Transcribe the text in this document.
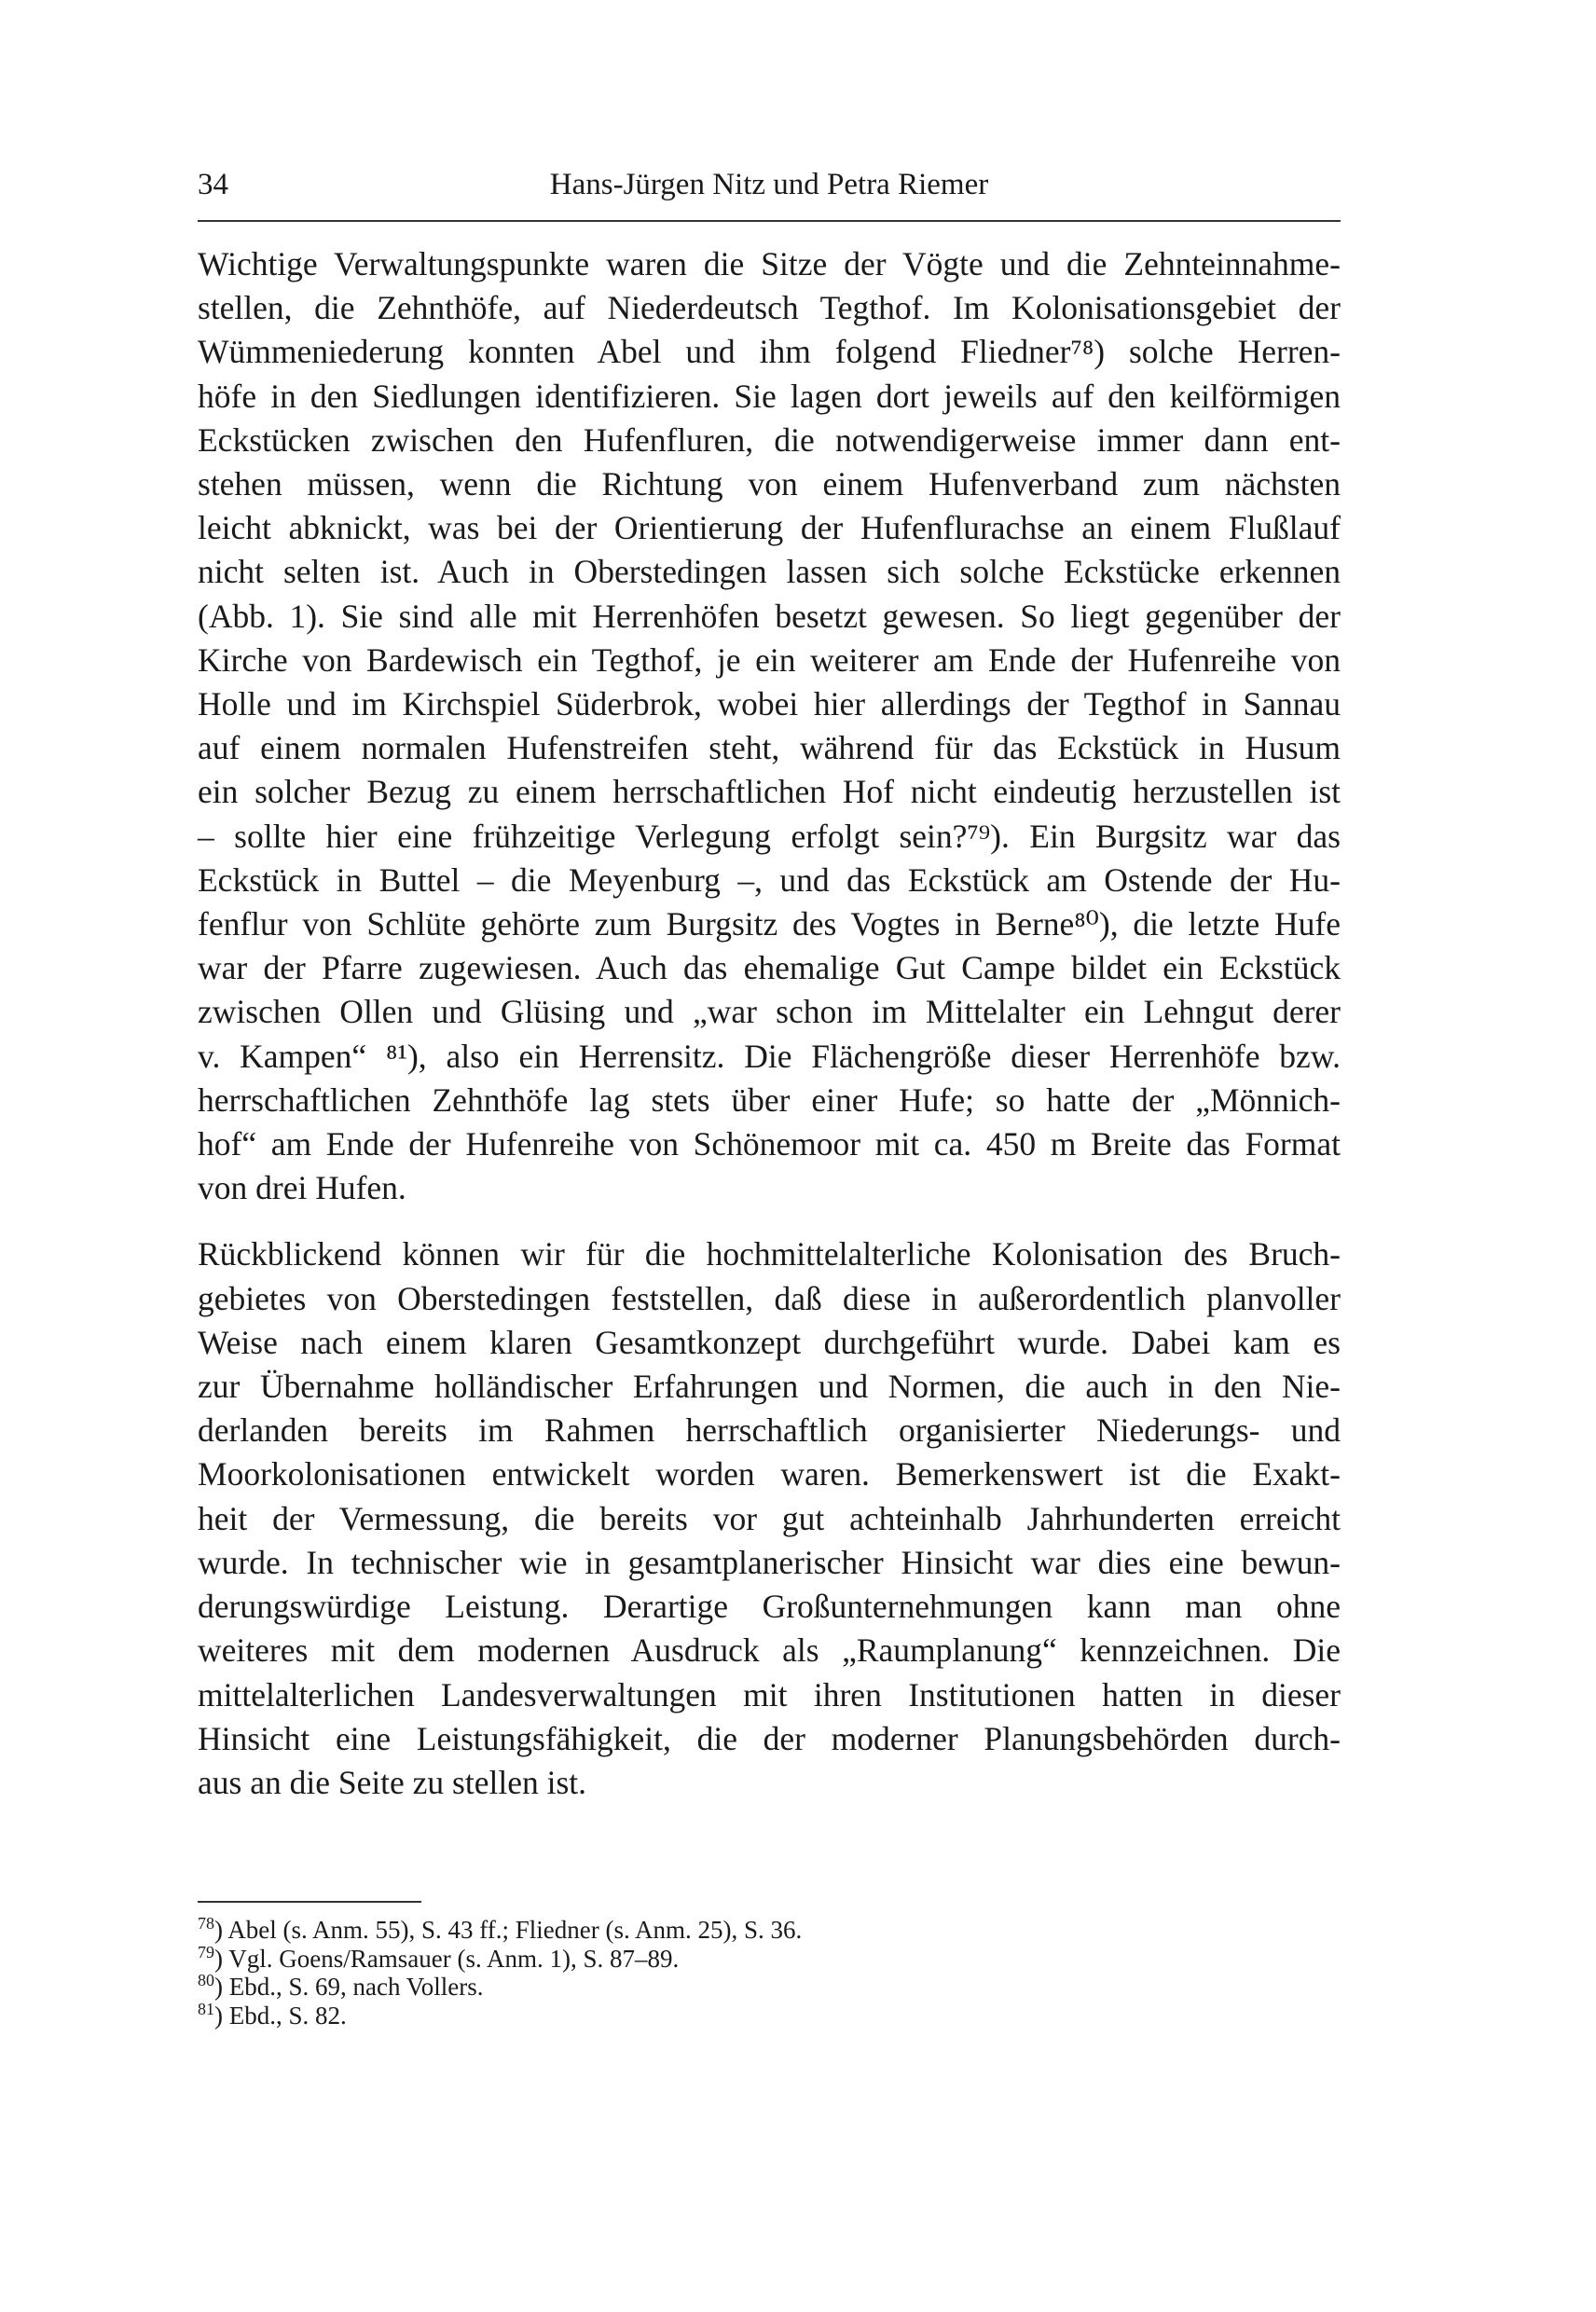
34	Hans-Jürgen Nitz und Petra Riemer

Wichtige Verwaltungspunkte waren die Sitze der Vögte und die Zehnteinnahme-
stellen, die Zehnthöfe, auf Niederdeutsch Tegthof. Im Kolonisationsgebiet der
Wümmeniederung konnten Abel und ihm folgend Fliedner⁷⁸) solche Herren-
höfe in den Siedlungen identifizieren. Sie lagen dort jeweils auf den keilförmigen
Eckstücken zwischen den Hufenfluren, die notwendigerweise immer dann ent-
stehen müssen, wenn die Richtung von einem Hufenverband zum nächsten
leicht abknickt, was bei der Orientierung der Hufenflurachse an einem Flußlauf
nicht selten ist. Auch in Oberstedingen lassen sich solche Eckstücke erkennen
(Abb. 1). Sie sind alle mit Herrenhöfen besetzt gewesen. So liegt gegenüber der
Kirche von Bardewisch ein Tegthof, je ein weiterer am Ende der Hufenreihe von
Holle und im Kirchspiel Süderbrok, wobei hier allerdings der Tegthof in Sannau
auf einem normalen Hufenstreifen steht, während für das Eckstück in Husum
ein solcher Bezug zu einem herrschaftlichen Hof nicht eindeutig herzustellen ist
– sollte hier eine frühzeitige Verlegung erfolgt sein?⁷⁹). Ein Burgsitz war das
Eckstück in Buttel – die Meyenburg –, und das Eckstück am Ostende der Hu-
fenflur von Schlüte gehörte zum Burgsitz des Vogtes in Berne⁸⁰), die letzte Hufe
war der Pfarre zugewiesen. Auch das ehemalige Gut Campe bildet ein Eckstück
zwischen Ollen und Glüsing und „war schon im Mittelalter ein Lehngut derer
v. Kampen“ ⁸¹), also ein Herrensitz. Die Flächengröße dieser Herrenhöfe bzw.
herrschaftlichen Zehnthöfe lag stets über einer Hufe; so hatte der „Mönnich-
hof“ am Ende der Hufenreihe von Schönemoor mit ca. 450 m Breite das Format
von drei Hufen.

Rückblickend können wir für die hochmittelalterliche Kolonisation des Bruch-
gebietes von Oberstedingen feststellen, daß diese in außerordentlich planvoller
Weise nach einem klaren Gesamtkonzept durchgeführt wurde. Dabei kam es
zur Übernahme holländischer Erfahrungen und Normen, die auch in den Nie-
derlanden bereits im Rahmen herrschaftlich organisierter Niederungs- und
Moorkolonisationen entwickelt worden waren. Bemerkenswert ist die Exakt-
heit der Vermessung, die bereits vor gut achteinhalb Jahrhunderten erreicht
wurde. In technischer wie in gesamtplanerischer Hinsicht war dies eine bewun-
derungswürdige Leistung. Derartige Großunternehmungen kann man ohne
weiteres mit dem modernen Ausdruck als „Raumplanung“ kennzeichnen. Die
mittelalterlichen Landesverwaltungen mit ihren Institutionen hatten in dieser
Hinsicht eine Leistungsfähigkeit, die der moderner Planungsbehörden durch-
aus an die Seite zu stellen ist.

$^{78}$) Abel (s. Anm. 55), S. 43 ff.; Fliedner (s. Anm. 25), S. 36.
$^{79}$) Vgl. Goens/Ramsauer (s. Anm. 1), S. 87–89.
$^{80}$) Ebd., S. 69, nach Vollers.
$^{81}$) Ebd., S. 82.
